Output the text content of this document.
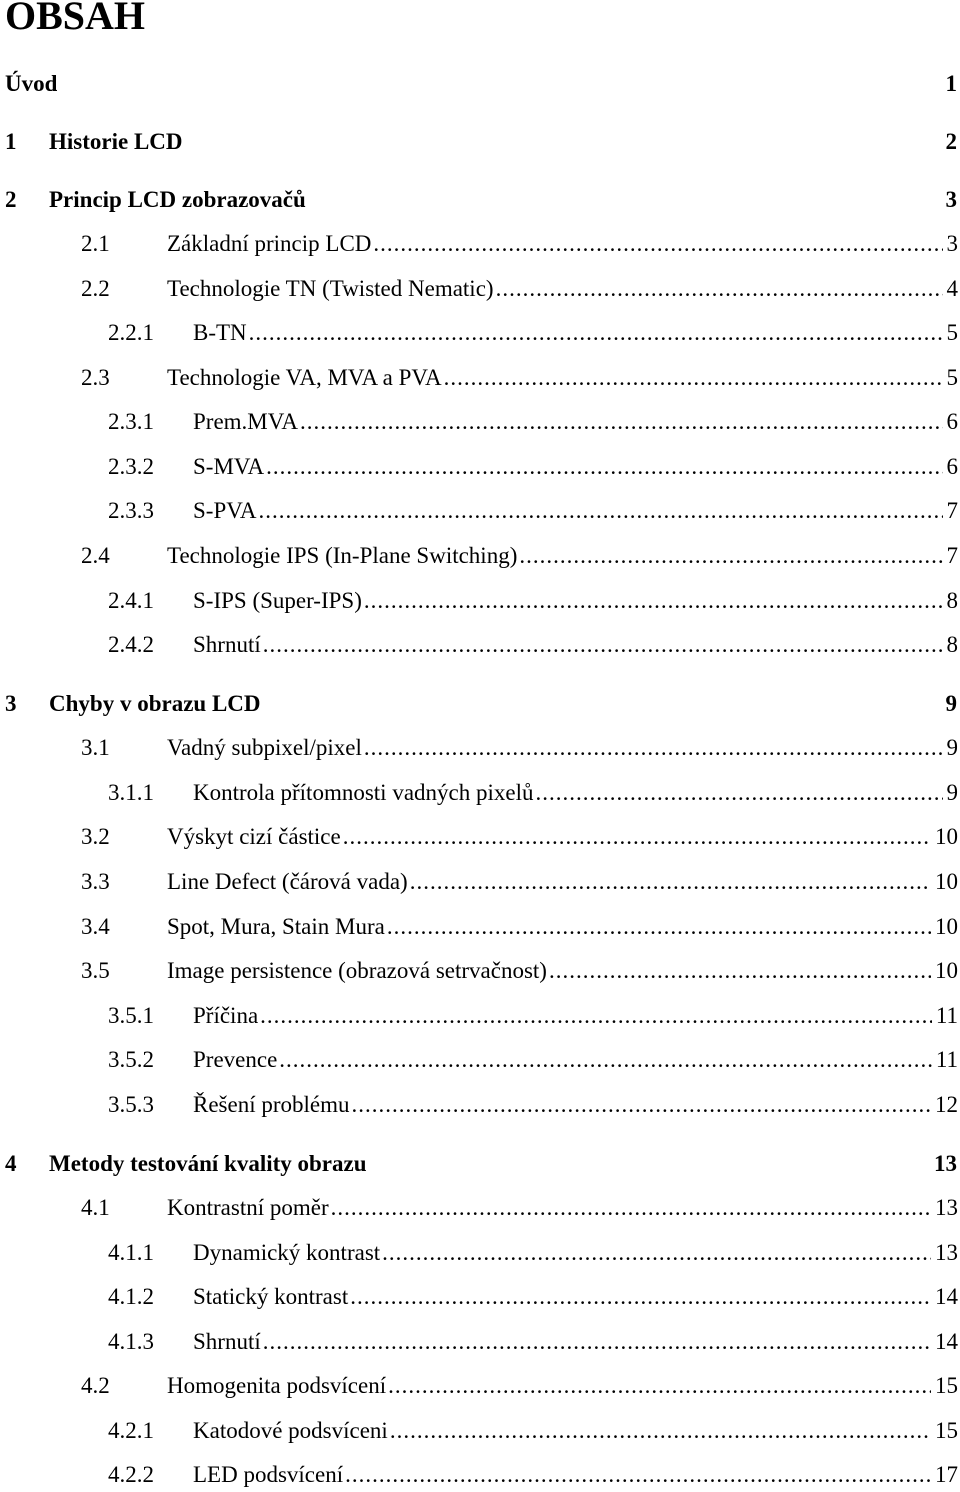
OBSAH
Úvod	1
1 Historie LCD	2
2 Princip LCD zobrazovačů	3
2.1 Základní princip LCD .....	3
2.2 Technologie TN (Twisted Nematic) .....	4
2.2.1 B-TN .....	5
2.3 Technologie VA, MVA a PVA .....	5
2.3.1 Prem.MVA .....	6
2.3.2 S-MVA .....	6
2.3.3 S-PVA .....	7
2.4 Technologie IPS (In-Plane Switching) .....	7
2.4.1 S-IPS (Super-IPS) .....	8
2.4.2 Shrnutí .....	8
3 Chyby v obrazu LCD	9
3.1 Vadný subpixel/pixel .....	9
3.1.1 Kontrola přítomnosti vadných pixelů .....	9
3.2 Výskyt cizí částice .....	10
3.3 Line Defect (čárová vada) .....	10
3.4 Spot, Mura, Stain Mura .....	10
3.5 Image persistence (obrazová setrvačnost) .....	10
3.5.1 Příčina .....	11
3.5.2 Prevence .....	11
3.5.3 Řešení problému .....	12
4 Metody testování kvality obrazu	13
4.1 Kontrastní poměr .....	13
4.1.1 Dynamický kontrast .....	13
4.1.2 Statický kontrast .....	14
4.1.3 Shrnutí .....	14
4.2 Homogenita podsvícení .....	15
4.2.1 Katodové podsvíceni .....	15
4.2.2 LED podsvícení .....	17
